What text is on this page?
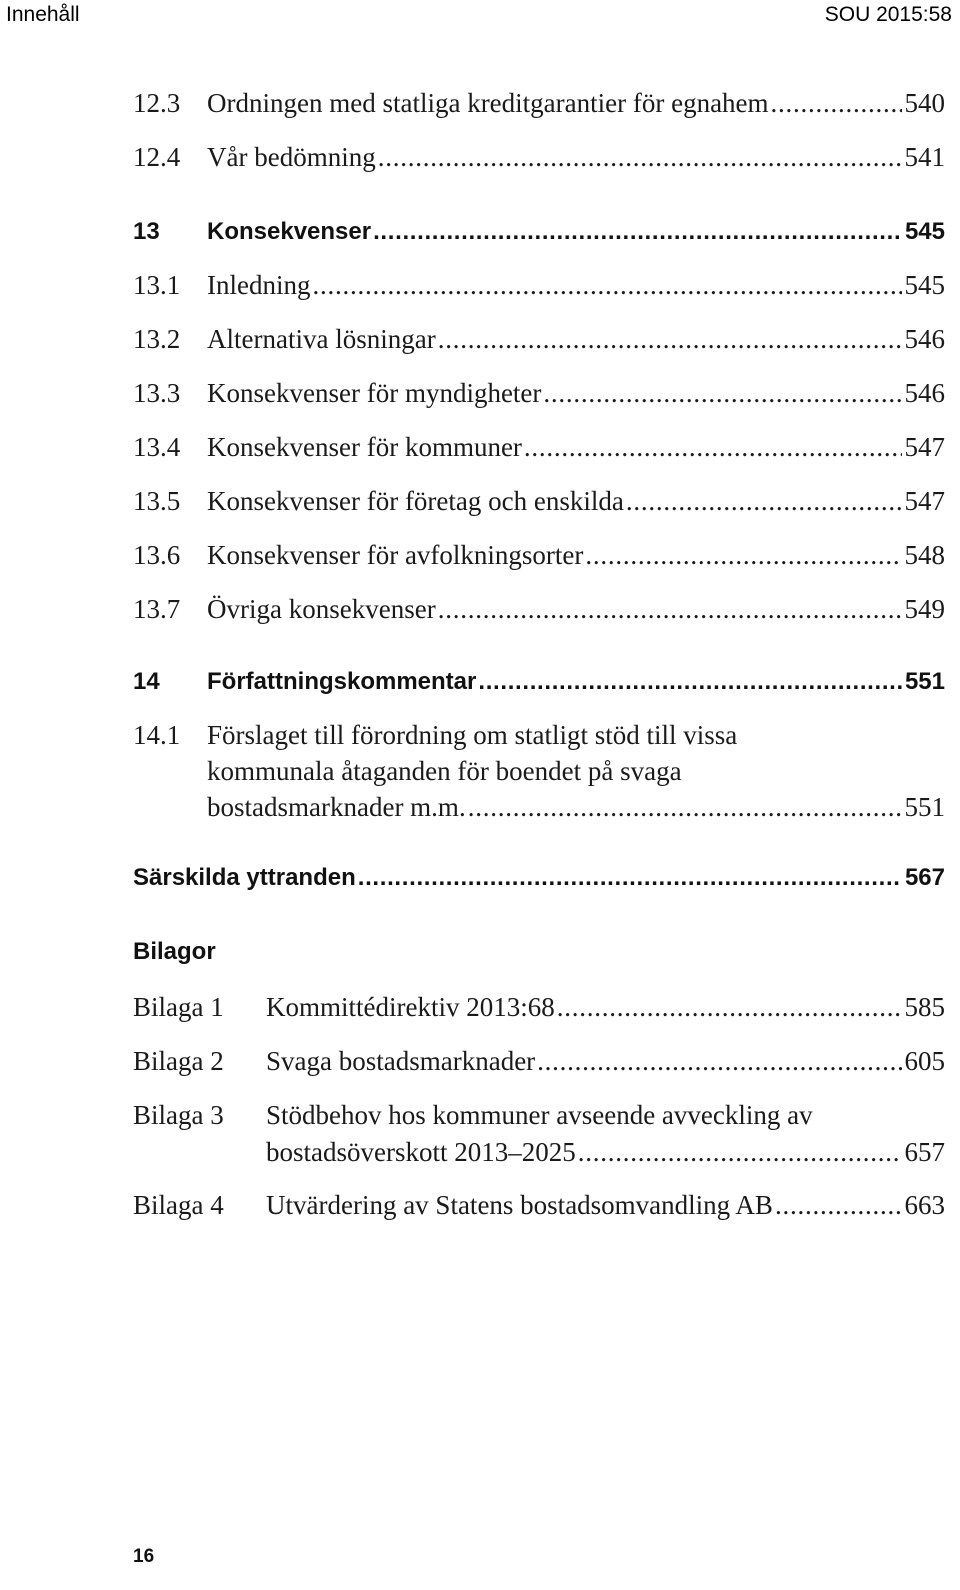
Innehåll	SOU 2015:58
12.3 Ordningen med statliga kreditgarantier för egnahem . . .	540
12.4 Vår bedömning . . .	541
13 Konsekvenser . . .	545
13.1 Inledning . . .	545
13.2 Alternativa lösningar . . .	546
13.3 Konsekvenser för myndigheter . . .	546
13.4 Konsekvenser för kommuner . . .	547
13.5 Konsekvenser för företag och enskilda . . .	547
13.6 Konsekvenser för avfolkningsorter . . .	548
13.7 Övriga konsekvenser . . .	549
14 Författningskommentar . . .	551
14.1 Förslaget till förordning om statligt stöd till vissa
kommunala åtaganden för boendet på svaga
bostadsmarknader m.m. . . .	551
Särskilda yttranden . . .	567
Bilagor
Bilaga 1 Kommittédirektiv 2013:68 . . .	585
Bilaga 2 Svaga bostadsmarknader . . .	605
Bilaga 3 Stödbehov hos kommuner avseende avveckling av
bostadsöverskott 2013–2025 . . .	657
Bilaga 4 Utvärdering av Statens bostadsomvandling AB . . .	663
16
